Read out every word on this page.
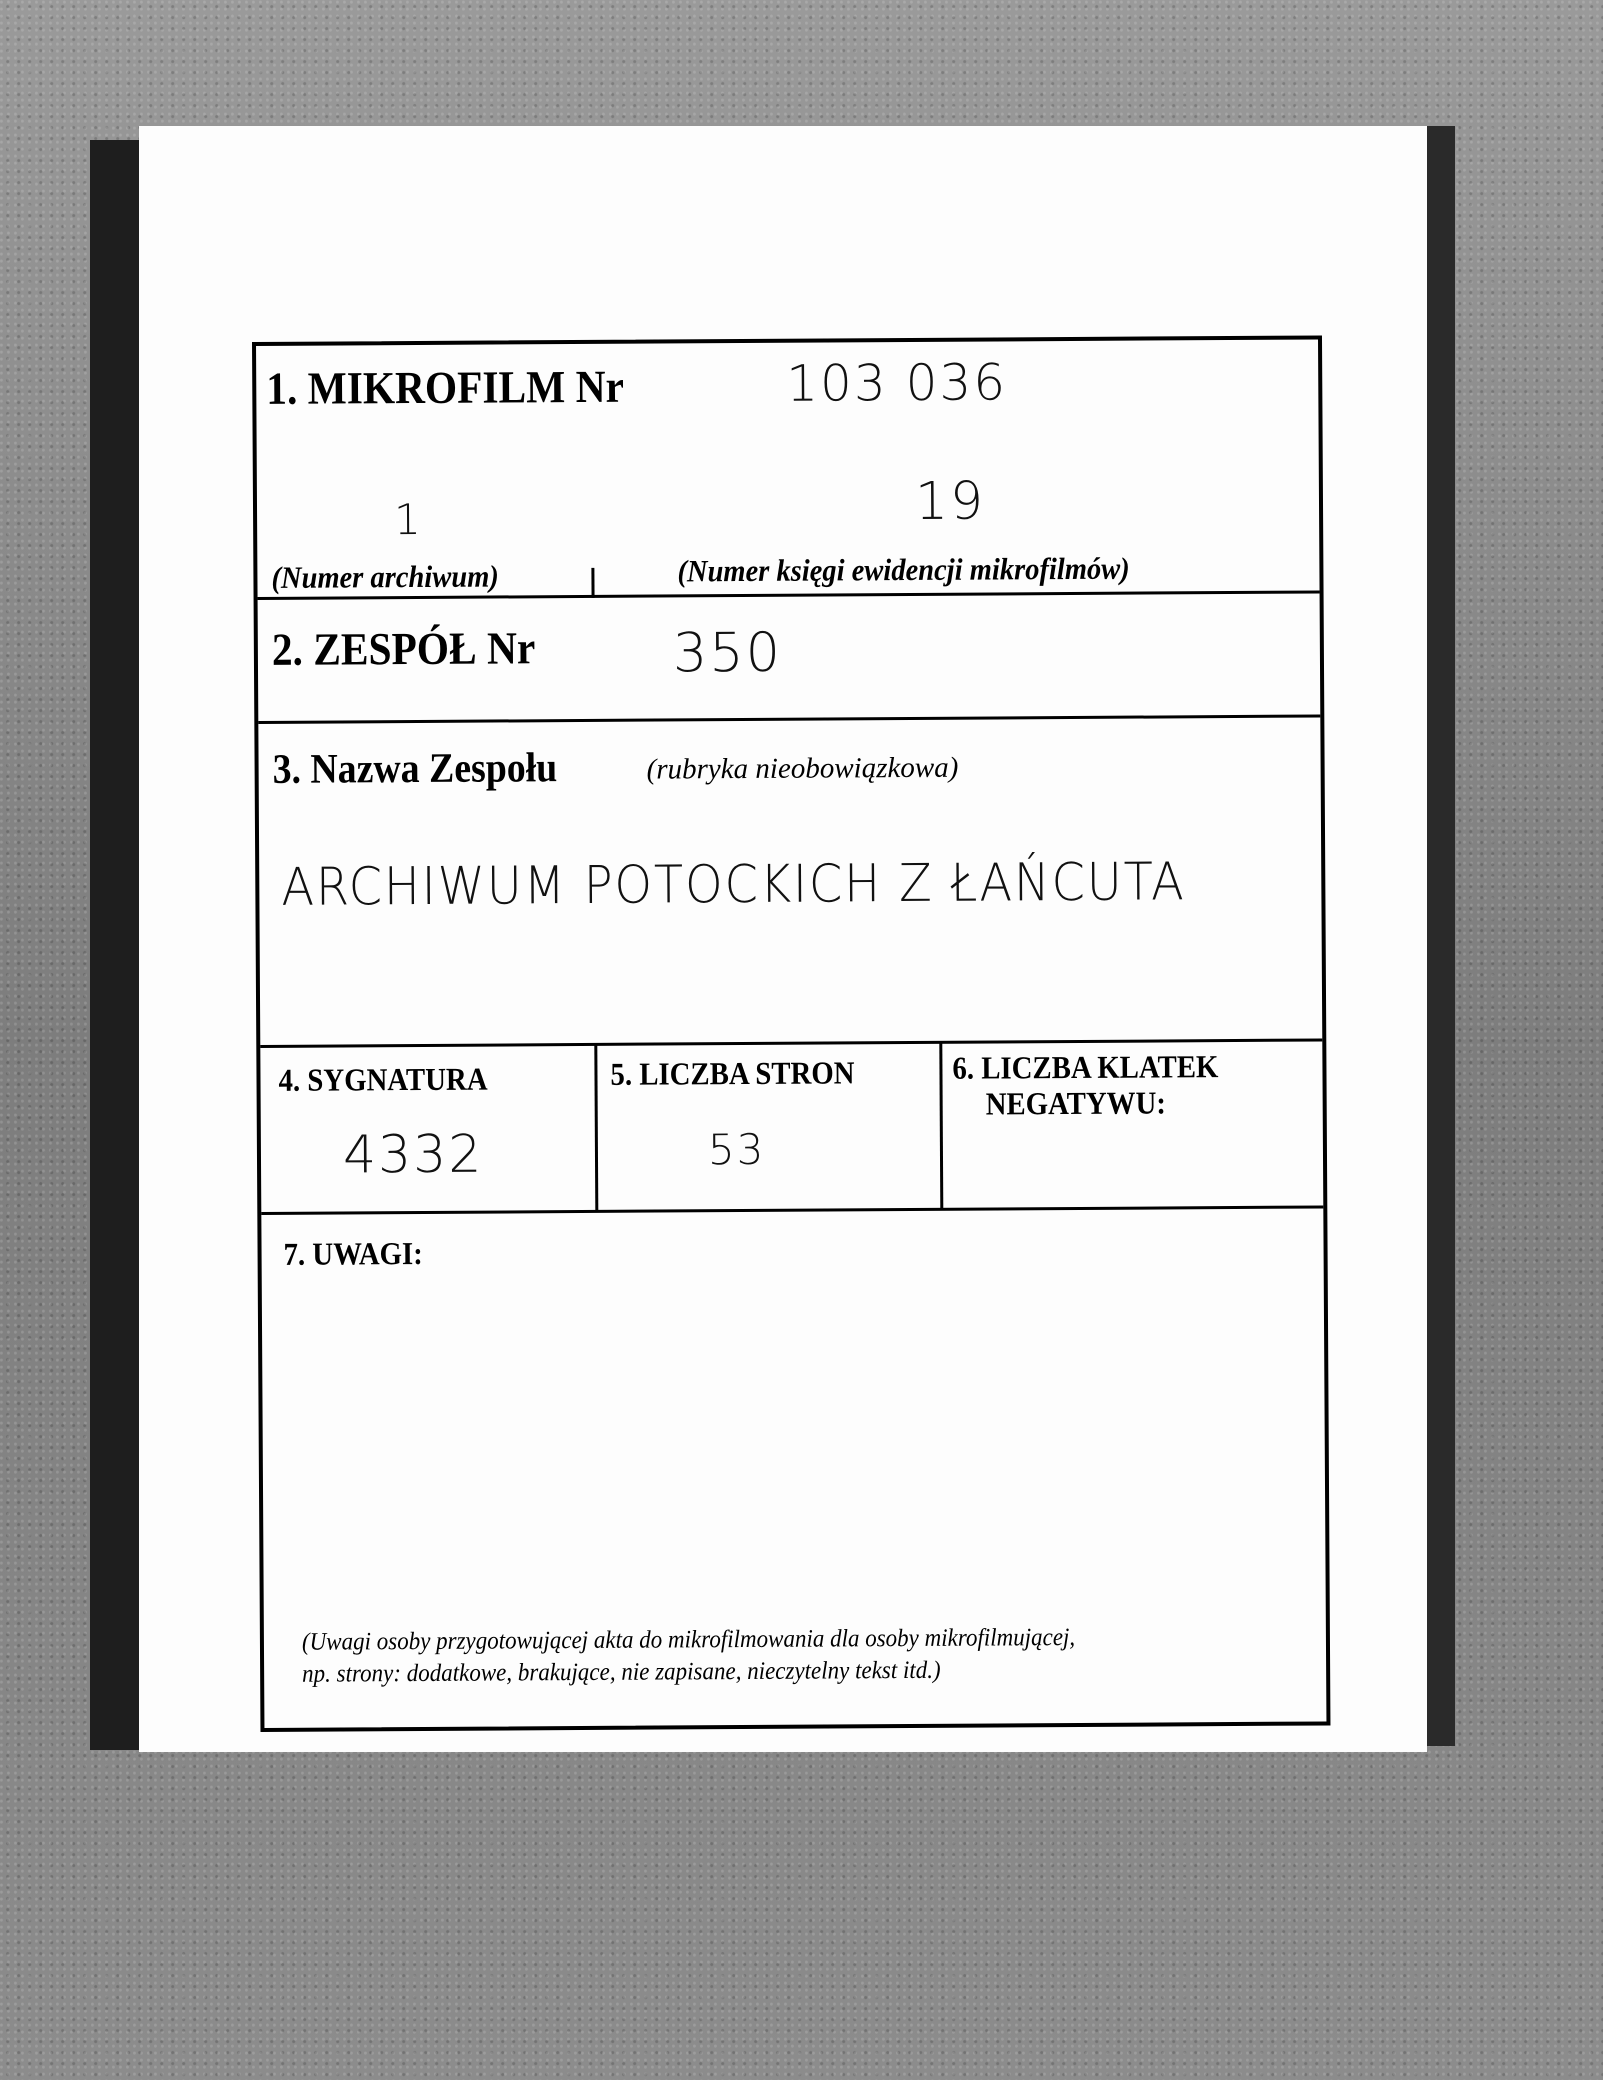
1. MIKROFILM Nr	103 036
1	19
(Numer archiwum)	(Numer księgi ewidencji mikrofilmów)
2. ZESPÓŁ Nr	350
3. Nazwa Zespołu	(rubryka nieobowiązkowa)
ARCHIWUM POTOCKICH Z ŁAŃCUTA
4. SYGNATURA
4332
5. LICZBA STRON
53
6. LICZBA KLATEK
NEGATYWU:
7. UWAGI:
(Uwagi osoby przygotowującej akta do mikrofilmowania dla osoby mikrofilmującej,
np. strony: dodatkowe, brakujące, nie zapisane, nieczytelny tekst itd.)
